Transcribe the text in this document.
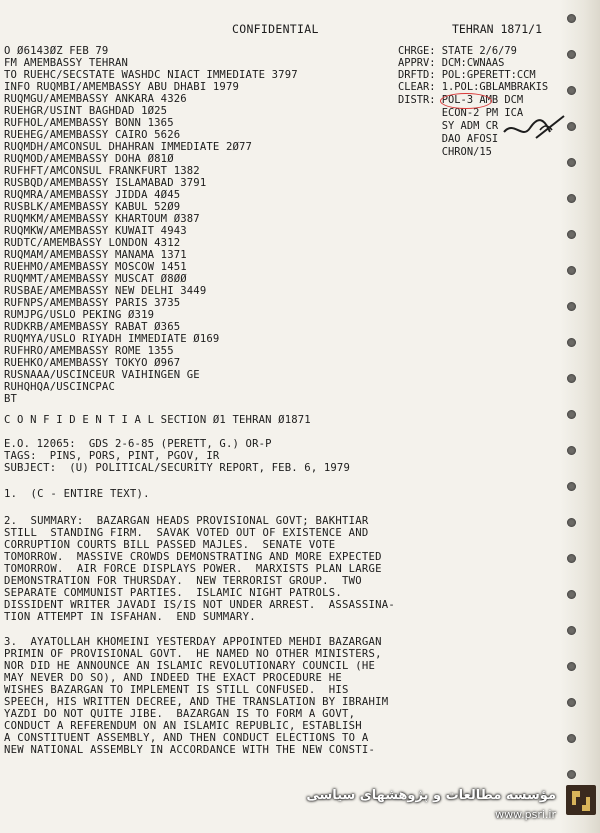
CONFIDENTIAL	TEHRAN 1871/1
O Ø6143ØZ FEB 79
FM AMEMBASSY TEHRAN
TO RUEHC/SECSTATE WASHDC NIACT IMMEDIATE 3797
INFO RUQMBI/AMEMBASSY ABU DHABI 1979
RUQMGU/AMEMBASSY ANKARA 4326
RUEHGR/USINT BAGHDAD 1Ø25
RUFHOL/AMEMBASSY BONN 1365
RUEHEG/AMEMBASSY CAIRO 5626
RUQMDH/AMCONSUL DHAHRAN IMMEDIATE 2Ø77
RUQMOD/AMEMBASSY DOHA Ø81Ø
RUFHFT/AMCONSUL FRANKFURT 1382
RUSBQD/AMEMBASSY ISLAMABAD 3791
RUQMRA/AMEMBASSY JIDDA 4Ø45
RUSBLK/AMEMBASSY KABUL 52Ø9
RUQMKM/AMEMBASSY KHARTOUM Ø387
RUQMKW/AMEMBASSY KUWAIT 4943
RUDTC/AMEMBASSY LONDON 4312
RUQMAM/AMEMBASSY MANAMA 1371
RUEHMO/AMEMBASSY MOSCOW 1451
RUQMMT/AMEMBASSY MUSCAT Ø8ØØ
RUSBAE/AMEMBASSY NEW DELHI 3449
RUFNPS/AMEMBASSY PARIS 3735
RUMJPG/USLO PEKING Ø319
RUDKRB/AMEMBASSY RABAT Ø365
RUQMYA/USLO RIYADH IMMEDIATE Ø169
RUFHRO/AMEMBASSY ROME 1355
RUEHKO/AMEMBASSY TOKYO Ø967
RUSNAAA/USCINCEUR VAIHINGEN GE
RUHQHQA/USCINCPAC
BT
CHRGE: STATE 2/6/79
APPRV: DCM:CWNAAS
DRFTD: POL:GPERETT:CCM
CLEAR: 1.POL:GBLAMBRAKIS
DISTR: POL-3 AMB DCM
ECON-2 PM ICA
SY ADM CR
DAO AFOSI
CHRON/15
C O N F I D E N T I A L SECTION Ø1 TEHRAN Ø1871
E.O. 12065:  GDS 2-6-85 (PERETT, G.) OR-P
TAGS:  PINS, PORS, PINT, PGOV, IR
SUBJECT:  (U) POLITICAL/SECURITY REPORT, FEB. 6, 1979
1.  (C - ENTIRE TEXT).
2.  SUMMARY:  BAZARGAN HEADS PROVISIONAL GOVT; BAKHTIAR
STILL  STANDING FIRM.  SAVAK VOTED OUT OF EXISTENCE AND
CORRUPTION COURTS BILL PASSED MAJLES.  SENATE VOTE
TOMORROW.  MASSIVE CROWDS DEMONSTRATING AND MORE EXPECTED
TOMORROW.  AIR FORCE DISPLAYS POWER.  MARXISTS PLAN LARGE
DEMONSTRATION FOR THURSDAY.  NEW TERRORIST GROUP.  TWO
SEPARATE COMMUNIST PARTIES.  ISLAMIC NIGHT PATROLS.
DISSIDENT WRITER JAVADI IS/IS NOT UNDER ARREST.  ASSASSINA-
TION ATTEMPT IN ISFAHAN.  END SUMMARY.
3.  AYATOLLAH KHOMEINI YESTERDAY APPOINTED MEHDI BAZARGAN
PRIMIN OF PROVISIONAL GOVT.  HE NAMED NO OTHER MINISTERS,
NOR DID HE ANNOUNCE AN ISLAMIC REVOLUTIONARY COUNCIL (HE
MAY NEVER DO SO), AND INDEED THE EXACT PROCEDURE HE
WISHES BAZARGAN TO IMPLEMENT IS STILL CONFUSED.  HIS
SPEECH, HIS WRITTEN DECREE, AND THE TRANSLATION BY IBRAHIM
YAZDI DO NOT QUITE JIBE.  BAZARGAN IS TO FORM A GOVT,
CONDUCT A REFERENDUM ON AN ISLAMIC REPUBLIC, ESTABLISH
A CONSTITUENT ASSEMBLY, AND THEN CONDUCT ELECTIONS TO A
NEW NATIONAL ASSEMBLY IN ACCORDANCE WITH THE NEW CONSTI-
مؤسسه مطالعات و پژوهشهای سیاسی
www.psri.ir
